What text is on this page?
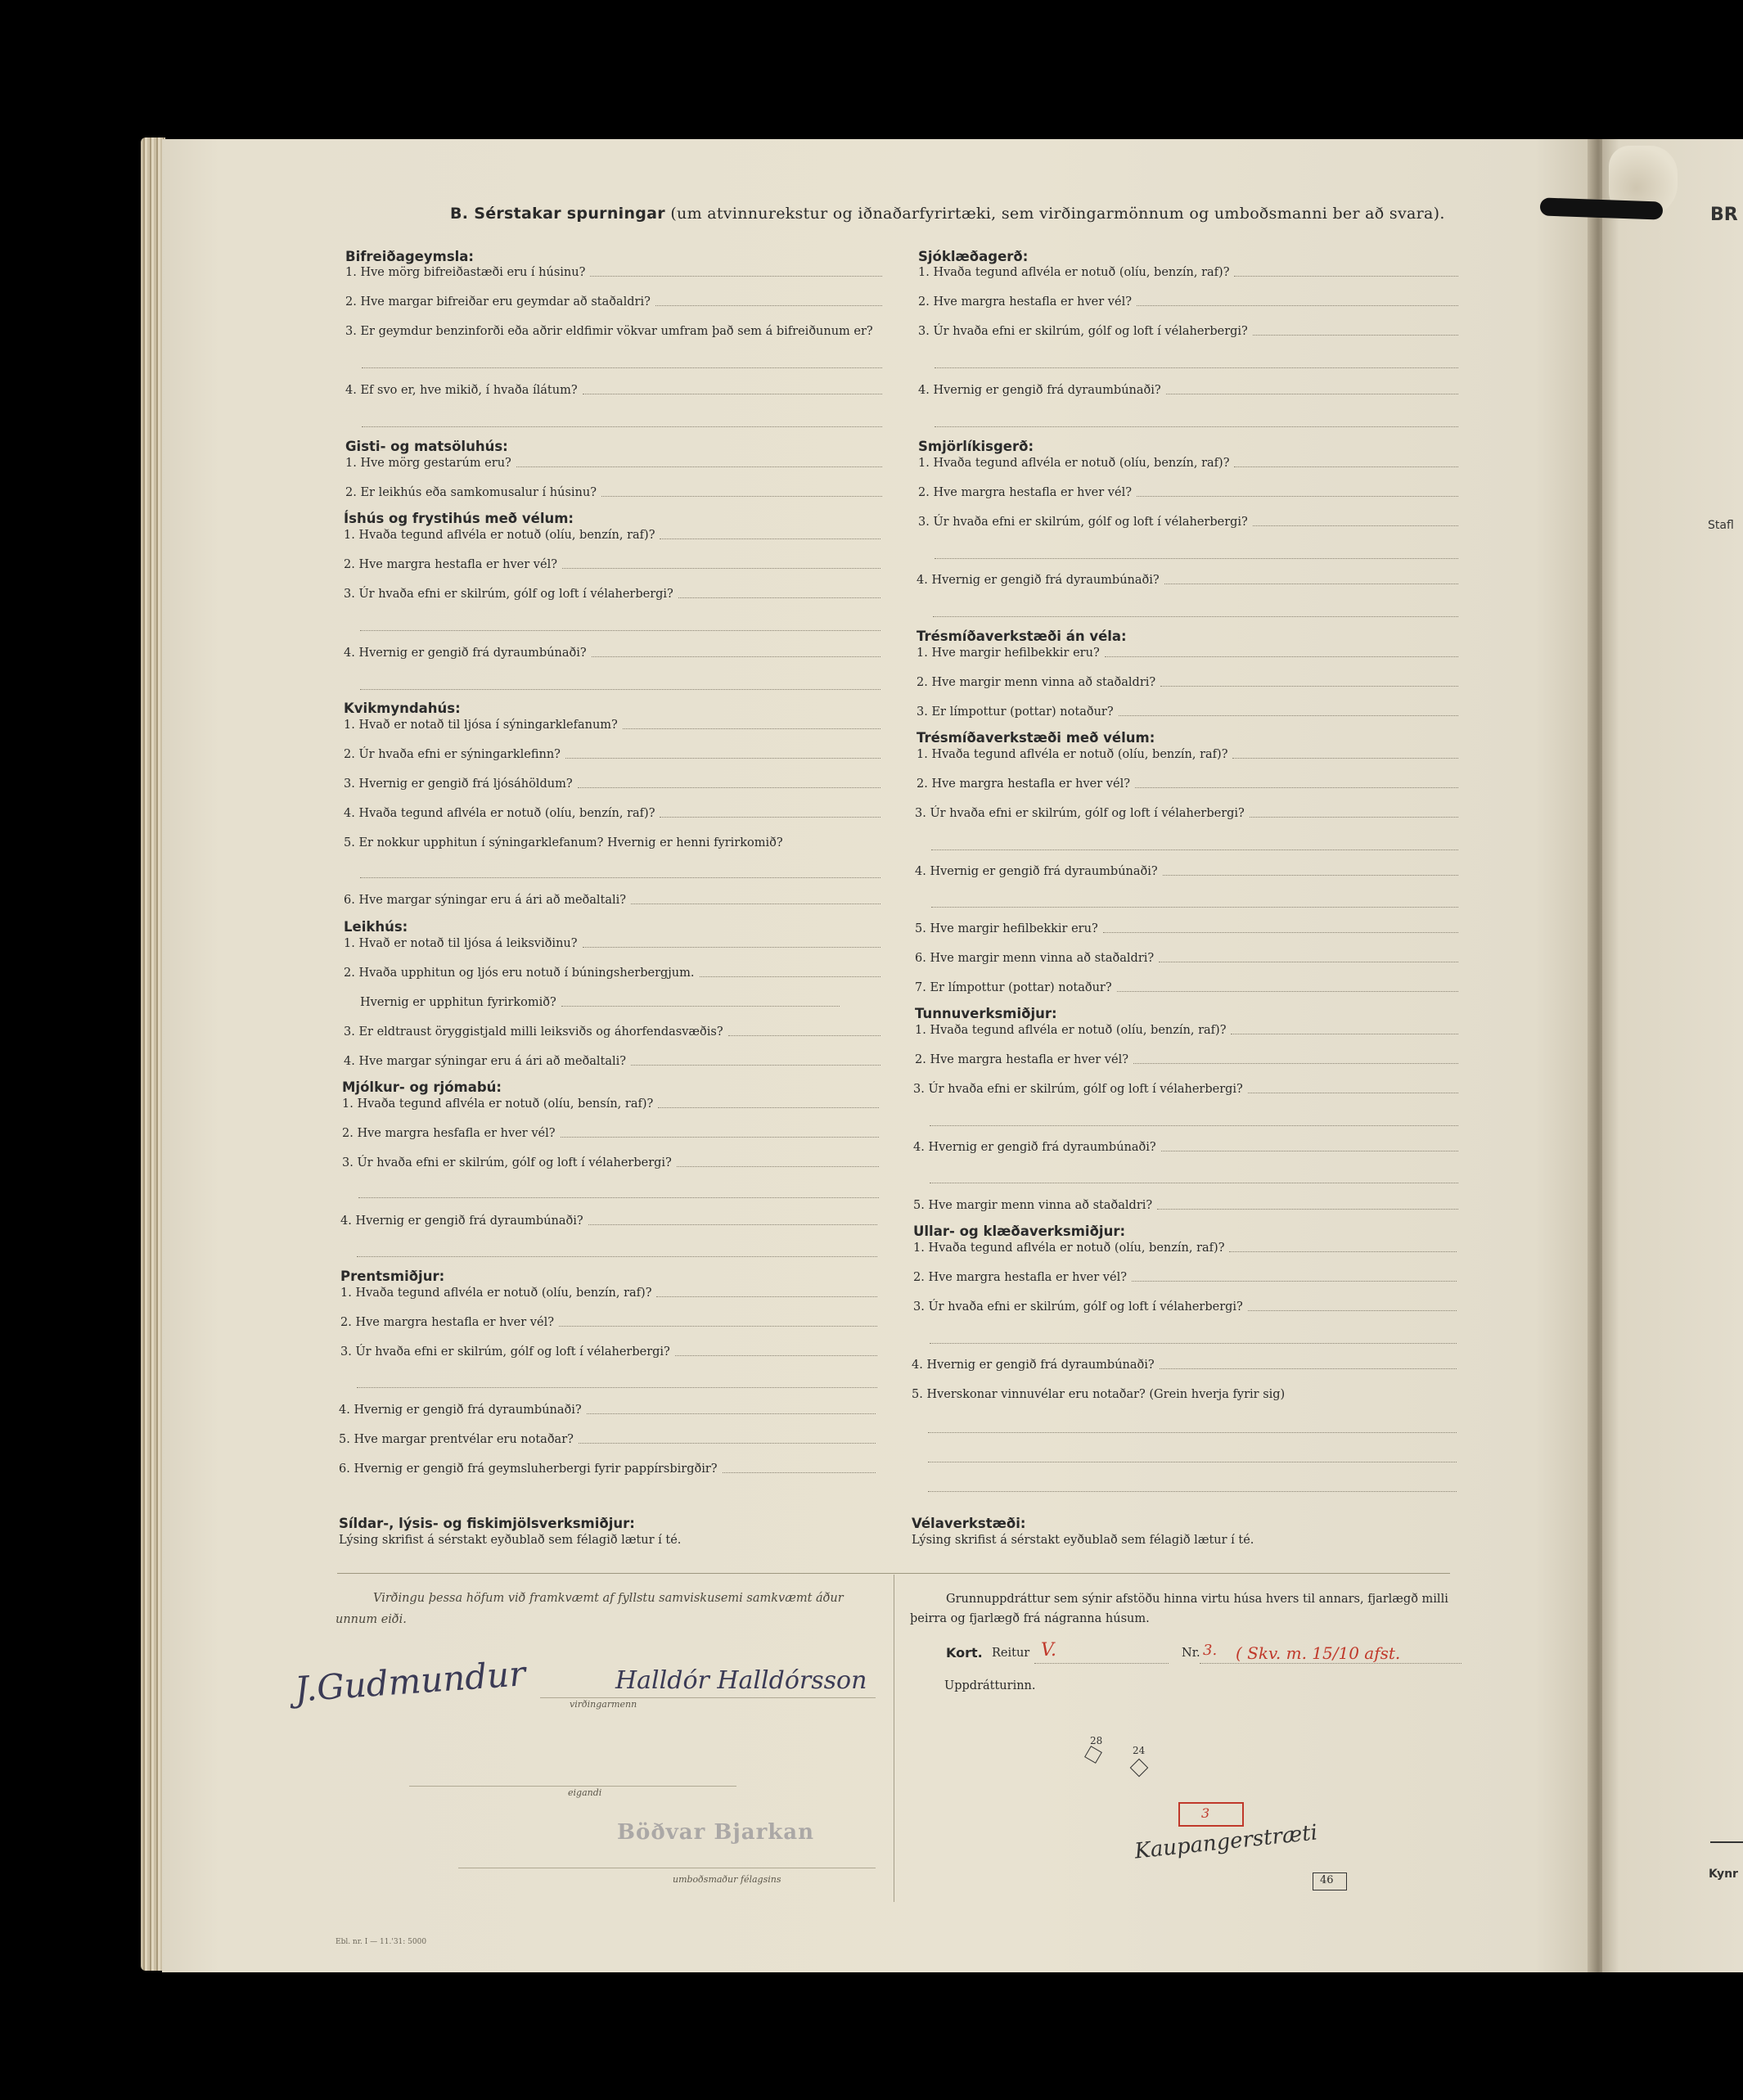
BR
Stafl
Kynr
B. Sérstakar spurningar (um atvinnurekstur og iðnaðarfyrirtæki, sem virðingarmönnum og umboðsmanni ber að svara).
Bifreiðageymsla:
1. Hve mörg bifreiðastæði eru í húsinu?
2. Hve margar bifreiðar eru geymdar að staðaldri?
3. Er geymdur benzinforði eða aðrir eldfimir vökvar umfram það sem á bifreiðunum er?
4. Ef svo er, hve mikið, í hvaða ílátum?
Gisti- og matsöluhús:
1. Hve mörg gestarúm eru?
2. Er leikhús eða samkomusalur í húsinu?
Íshús og frystihús með vélum:
1. Hvaða tegund aflvéla er notuð (olíu, benzín, raf)?
2. Hve margra hestafla er hver vél?
3. Úr hvaða efni er skilrúm, gólf og loft í vélaherbergi?
4. Hvernig er gengið frá dyraumbúnaði?
Kvikmyndahús:
1. Hvað er notað til ljósa í sýningarklefanum?
2. Úr hvaða efni er sýningarklefinn?
3. Hvernig er gengið frá ljósáhöldum?
4. Hvaða tegund aflvéla er notuð (olíu, benzín, raf)?
5. Er nokkur upphitun í sýningarklefanum? Hvernig er henni fyrirkomið?
6. Hve margar sýningar eru á ári að meðaltali?
Leikhús:
1. Hvað er notað til ljósa á leiksviðinu?
2. Hvaða upphitun og ljós eru notuð í búningsherbergjum.
Hvernig er upphitun fyrirkomið?
3. Er eldtraust öryggistjald milli leiksviðs og áhorfendasvæðis?
4. Hve margar sýningar eru á ári að meðaltali?
Mjólkur- og rjómabú:
1. Hvaða tegund aflvéla er notuð (olíu, bensín, raf)?
2. Hve margra hesfafla er hver vél?
3. Úr hvaða efni er skilrúm, gólf og loft í vélaherbergi?
4. Hvernig er gengið frá dyraumbúnaði?
Prentsmiðjur:
1. Hvaða tegund aflvéla er notuð (olíu, benzín, raf)?
2. Hve margra hestafla er hver vél?
3. Úr hvaða efni er skilrúm, gólf og loft í vélaherbergi?
4. Hvernig er gengið frá dyraumbúnaði?
5. Hve margar prentvélar eru notaðar?
6. Hvernig er gengið frá geymsluherbergi fyrir pappírsbirgðir?
Síldar-, lýsis- og fiskimjölsverksmiðjur:
Lýsing skrifist á sérstakt eyðublað sem félagið lætur í té.
Sjóklæðagerð:
1. Hvaða tegund aflvéla er notuð (olíu, benzín, raf)?
2. Hve margra hestafla er hver vél?
3. Úr hvaða efni er skilrúm, gólf og loft í vélaherbergi?
4. Hvernig er gengið frá dyraumbúnaði?
Smjörlíkisgerð:
1. Hvaða tegund aflvéla er notuð (olíu, benzín, raf)?
2. Hve margra hestafla er hver vél?
3. Úr hvaða efni er skilrúm, gólf og loft í vélaherbergi?
4. Hvernig er gengið frá dyraumbúnaði?
Trésmíðaverkstæði án véla:
1. Hve margir hefilbekkir eru?
2. Hve margir menn vinna að staðaldri?
3. Er límpottur (pottar) notaður?
Trésmíðaverkstæði með vélum:
1. Hvaða tegund aflvéla er notuð (olíu, benzín, raf)?
2. Hve margra hestafla er hver vél?
3. Úr hvaða efni er skilrúm, gólf og loft í vélaherbergi?
4. Hvernig er gengið frá dyraumbúnaði?
5. Hve margir hefilbekkir eru?
6. Hve margir menn vinna að staðaldri?
7. Er límpottur (pottar) notaður?
Tunnuverksmiðjur:
1. Hvaða tegund aflvéla er notuð (olíu, benzín, raf)?
2. Hve margra hestafla er hver vél?
3. Úr hvaða efni er skilrúm, gólf og loft í vélaherbergi?
4. Hvernig er gengið frá dyraumbúnaði?
5. Hve margir menn vinna að staðaldri?
Ullar- og klæðaverksmiðjur:
1. Hvaða tegund aflvéla er notuð (olíu, benzín, raf)?
2. Hve margra hestafla er hver vél?
3. Úr hvaða efni er skilrúm, gólf og loft í vélaherbergi?
4. Hvernig er gengið frá dyraumbúnaði?
5. Hverskonar vinnuvélar eru notaðar? (Grein hverja fyrir sig)
Vélaverkstæði:
Lýsing skrifist á sérstakt eyðublað sem félagið lætur í té.
Virðingu þessa höfum við framkvæmt af fyllstu samviskusemi samkvæmt áður unnum eiði.
J.Gudmundur	Halldór Halldórsson
virðingarmenn
eigandi
Böðvar Bjarkan
umboðsmaður félagsins
Ebl. nr. I — 11.'31: 5000
Grunnuppdráttur sem sýnir afstöðu hinna virtu húsa hvers til annars, fjarlægð milli þeirra og fjarlægð frá nágranna húsum.
Kort. Reitur V.	Nr. 3. ( Skv. m. 15/10 afst.
Uppdrátturinn.
28
24
3
Kaupangerstræti
46
